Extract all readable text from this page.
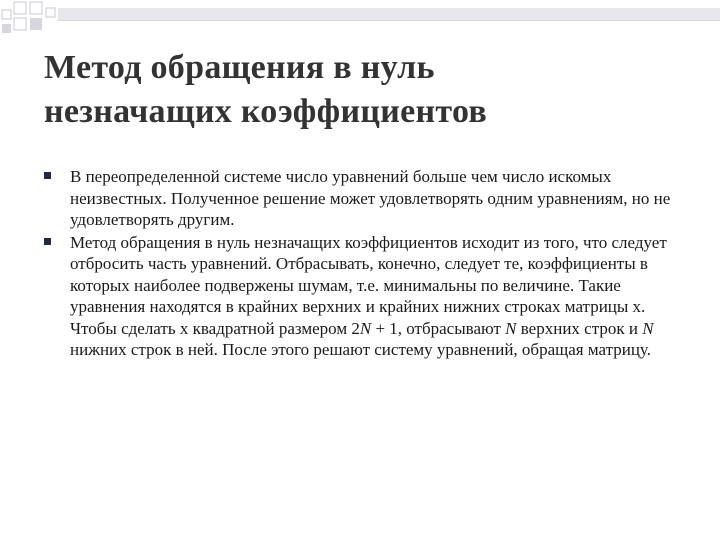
Метод обращения в нуль
незначащих коэффициентов
В переопределенной системе число уравнений больше чем число искомых неизвестных. Полученное решение может удовлетворять одним уравнениям, но не удовлетворять другим.
Метод обращения в нуль незначащих коэффициентов исходит из того, что следует отбросить часть уравнений. Отбрасывать, конечно, следует те, коэффициенты в которых наиболее подвержены шумам, т.е. минимальны по величине. Такие уравнения находятся в крайних верхних и крайних нижних строках матрицы x. Чтобы сделать x квадратной размером 2N + 1, отбрасывают N верхних строк и N нижних строк в ней. После этого решают систему уравнений, обращая матрицу.
